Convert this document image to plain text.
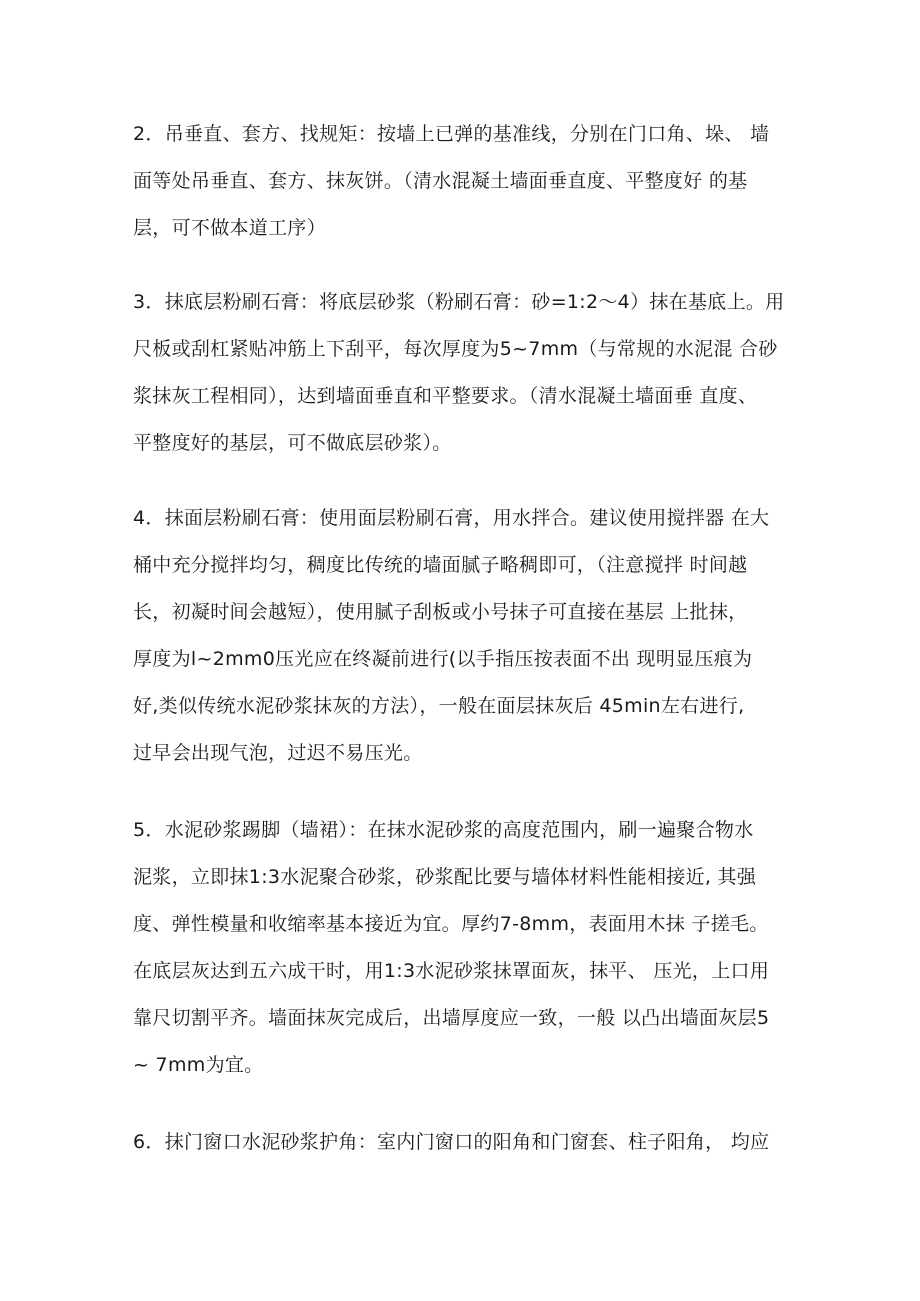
2．吊垂直、套方、找规矩：按墙上已弹的基准线，分别在门口角、垛、 墙
面等处吊垂直、套方、抹灰饼。（清水混凝土墙面垂直度、平整度好 的基
层，可不做本道工序）

3．抹底层粉刷石膏：将底层砂浆（粉刷石膏：砂=1:2～4）抹在基底上。用
尺板或刮杠紧贴冲筋上下刮平，每次厚度为5~7mm（与常规的水泥混 合砂
浆抹灰工程相同），达到墙面垂直和平整要求。（清水混凝土墙面垂 直度、
平整度好的基层，可不做底层砂浆）。

4．抹面层粉刷石膏：使用面层粉刷石膏，用水拌合。建议使用搅拌器 在大
桶中充分搅拌均匀，稠度比传统的墙面腻子略稠即可，（注意搅拌 时间越
长，初凝时间会越短），使用腻子刮板或小号抹子可直接在基层 上批抹，
厚度为l~2mm0压光应在终凝前进行(以手指压按表面不出 现明显压痕为
好,类似传统水泥砂浆抹灰的方法），一般在面层抹灰后 45min左右进行,
过早会出现气泡，过迟不易压光。

5．水泥砂浆踢脚（墙裙）：在抹水泥砂浆的高度范围内，刷一遍聚合物水
泥浆，立即抹1:3水泥聚合砂浆，砂浆配比要与墙体材料性能相接近, 其强
度、弹性模量和收缩率基本接近为宜。厚约7-8mm，表面用木抹 子搓毛。
在底层灰达到五六成干时，用1:3水泥砂浆抹罩面灰，抹平、 压光，上口用
靠尺切割平齐。墙面抹灰完成后，出墙厚度应一致，一般 以凸出墙面灰层5
~ 7mm为宜。

6．抹门窗口水泥砂浆护角：室内门窗口的阳角和门窗套、柱子阳角， 均应
